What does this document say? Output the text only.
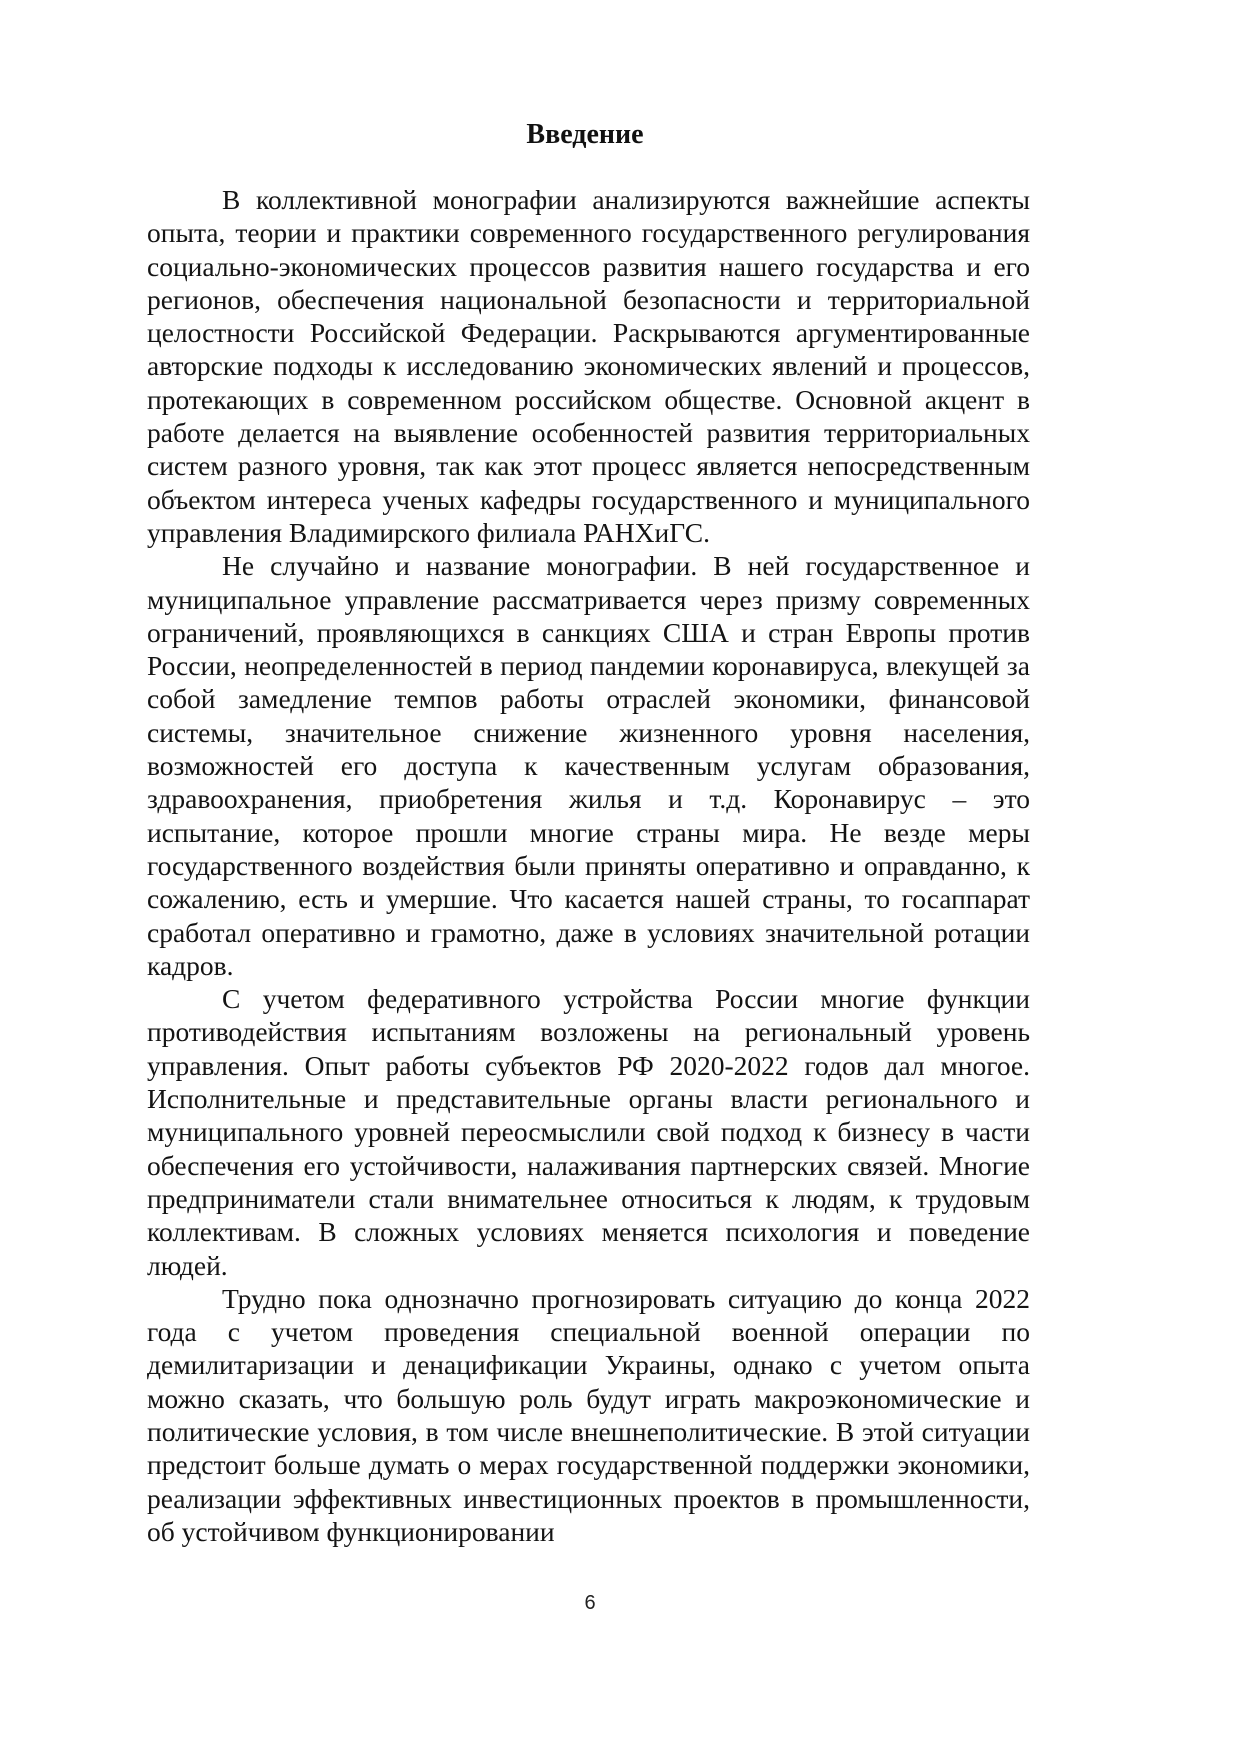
Введение

В коллективной монографии анализируются важнейшие аспекты опыта, теории и практики современного государственного регулирования социально-экономических процессов развития нашего государства и его регионов, обеспечения национальной безопасности и территориальной целостности Российской Федерации. Раскрываются аргументированные авторские подходы к исследованию экономических явлений и процессов, протекающих в современном российском обществе. Основной акцент в работе делается на выявление особенностей развития территориальных систем разного уровня, так как этот процесс является непосредственным объектом интереса ученых кафедры государственного и муниципального управления Владимирского филиала РАНХиГС.

Не случайно и название монографии. В ней государственное и муниципальное управление рассматривается через призму современных ограничений, проявляющихся в санкциях США и стран Европы против России, неопределенностей в период пандемии коронавируса, влекущей за собой замедление темпов работы отраслей экономики, финансовой системы, значительное снижение жизненного уровня населения, возможностей его доступа к качественным услугам образования, здравоохранения, приобретения жилья и т.д. Коронавирус – это испытание, которое прошли многие страны мира. Не везде меры государственного воздействия были приняты оперативно и оправданно, к сожалению, есть и умершие. Что касается нашей страны, то госаппарат сработал оперативно и грамотно, даже в условиях значительной ротации кадров.

С учетом федеративного устройства России многие функции противодействия испытаниям возложены на региональный уровень управления. Опыт работы субъектов РФ 2020-2022 годов дал многое. Исполнительные и представительные органы власти регионального и муниципального уровней переосмыслили свой подход к бизнесу в части обеспечения его устойчивости, налаживания партнерских связей. Многие предприниматели стали внимательнее относиться к людям, к трудовым коллективам. В сложных условиях меняется психология и поведение людей.

Трудно пока однозначно прогнозировать ситуацию до конца 2022 года с учетом проведения специальной военной операции по демилитаризации и денацификации Украины, однако с учетом опыта можно сказать, что большую роль будут играть макроэкономические и политические условия, в том числе внешнеполитические. В этой ситуации предстоит больше думать о мерах государственной поддержки экономики, реализации эффективных инвестиционных проектов в промышленности, об устойчивом функционировании

6
